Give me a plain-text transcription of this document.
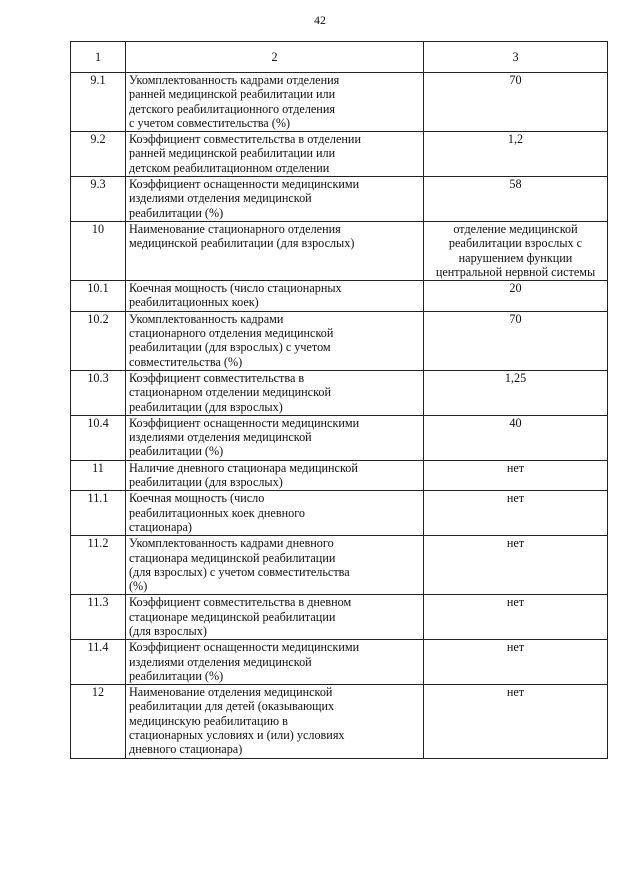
42
1	2	3
9.1	Укомплектованность кадрами отделения
ранней медицинской реабилитации или
детского реабилитационного отделения
с учетом совместительства (%)	70
9.2	Коэффициент совместительства в отделении
ранней медицинской реабилитации или
детском реабилитационном отделении	1,2
9.3	Коэффициент оснащенности медицинскими
изделиями отделения медицинской
реабилитации (%)	58
10	Наименование стационарного отделения
медицинской реабилитации (для взрослых)	отделение медицинской
реабилитации взрослых с
нарушением функции
центральной нервной системы
10.1	Коечная мощность (число стационарных
реабилитационных коек)	20
10.2	Укомплектованность кадрами
стационарного отделения медицинской
реабилитации (для взрослых) с учетом
совместительства (%)	70
10.3	Коэффициент совместительства в
стационарном отделении медицинской
реабилитации (для взрослых)	1,25
10.4	Коэффициент оснащенности медицинскими
изделиями отделения медицинской
реабилитации (%)	40
11	Наличие дневного стационара медицинской
реабилитации (для взрослых)	нет
11.1	Коечная мощность (число
реабилитационных коек дневного
стационара)	нет
11.2	Укомплектованность кадрами дневного
стационара медицинской реабилитации
(для взрослых) с учетом совместительства
(%)	нет
11.3	Коэффициент совместительства в дневном
стационаре медицинской реабилитации
(для взрослых)	нет
11.4	Коэффициент оснащенности медицинскими
изделиями отделения медицинской
реабилитации (%)	нет
12	Наименование отделения медицинской
реабилитации для детей (оказывающих
медицинскую реабилитацию в
стационарных условиях и (или) условиях
дневного стационара)	нет
